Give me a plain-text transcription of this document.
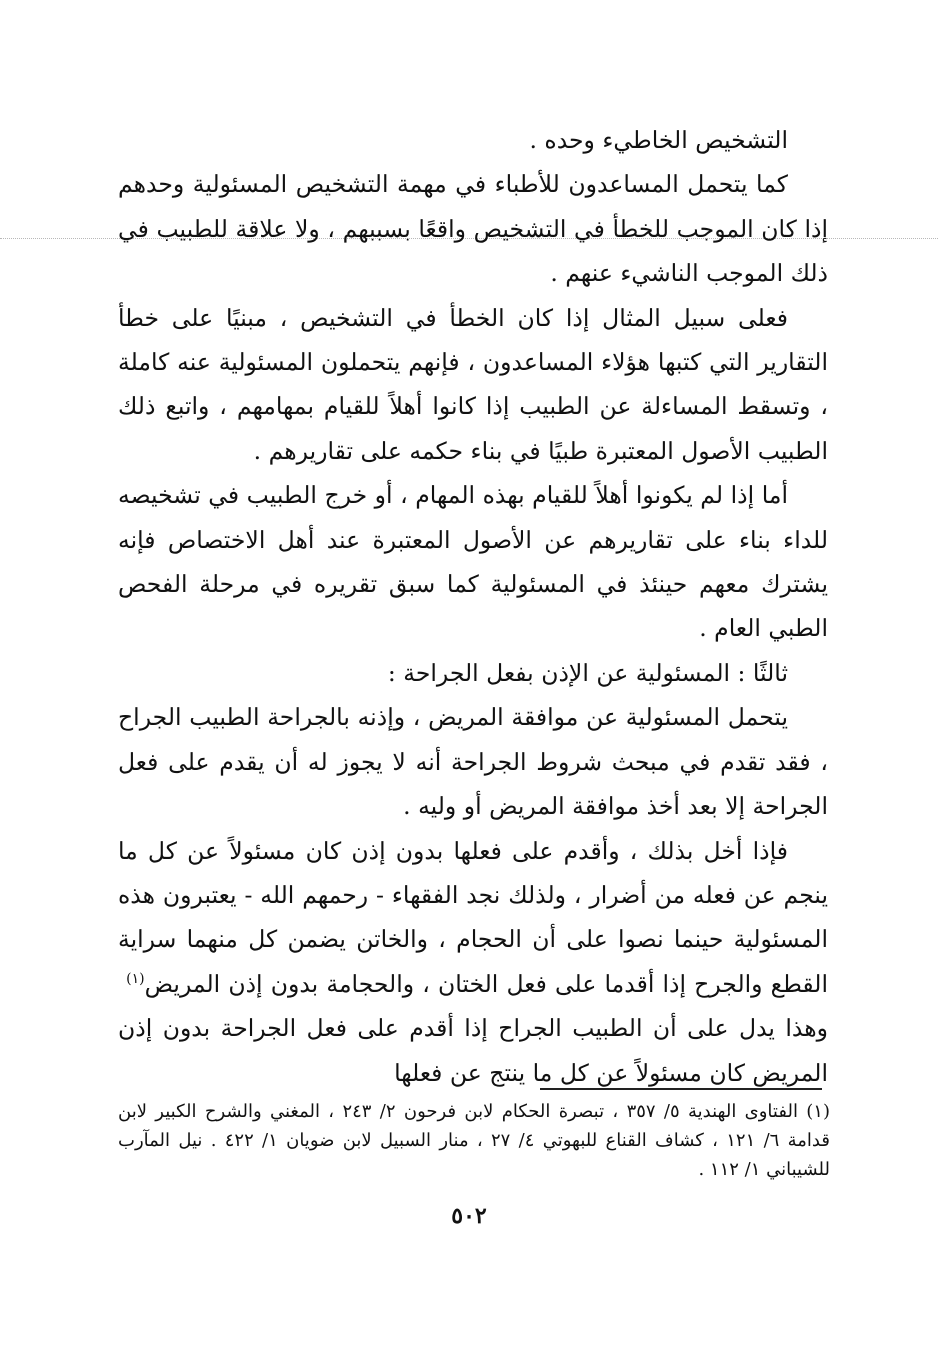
التشخيص الخاطيء وحده .

كما يتحمل المساعدون للأطباء في مهمة التشخيص المسئولية وحدهم إذا كان الموجب للخطأ في التشخيص واقعًا بسببهم ، ولا علاقة للطبيب في ذلك الموجب الناشيء عنهم .

فعلى سبيل المثال إذا كان الخطأ في التشخيص ، مبنيًا على خطأ التقارير التي كتبها هؤلاء المساعدون ، فإنهم يتحملون المسئولية عنه كاملة ، وتسقط المساءلة عن الطبيب إذا كانوا أهلاً للقيام بمهامهم ، واتبع ذلك الطبيب الأصول المعتبرة طبيًا في بناء حكمه على تقاريرهم .

أما إذا لم يكونوا أهلاً للقيام بهذه المهام ، أو خرج الطبيب في تشخيصه للداء بناء على تقاريرهم عن الأصول المعتبرة عند أهل الاختصاص فإنه يشترك معهم حينئذ في المسئولية كما سبق تقريره في مرحلة الفحص الطبي العام .

ثالثًا : المسئولية عن الإذن بفعل الجراحة :

يتحمل المسئولية عن موافقة المريض ، وإذنه بالجراحة الطبيب الجراح ، فقد تقدم في مبحث شروط الجراحة أنه لا يجوز له أن يقدم على فعل الجراحة إلا بعد أخذ موافقة المريض أو وليه .

فإذا أخل بذلك ، وأقدم على فعلها بدون إذن كان مسئولاً عن كل ما ينجم عن فعله من أضرار ، ولذلك نجد الفقهاء - رحمهم الله - يعتبرون هذه المسئولية حينما نصوا على أن الحجام ، والخاتن يضمن كل منهما سراية القطع والجرح إذا أقدما على فعل الختان ، والحجامة بدون إذن المريض$^{(١)}$  وهذا يدل على أن الطبيب الجراح إذا أقدم على فعل الجراحة بدون إذن المريض كان مسئولاً عن كل ما ينتج عن فعلها

(١) الفتاوى الهندية ٥/ ٣٥٧ ، تبصرة الحكام لابن فرحون ٢/ ٢٤٣ ، المغني والشرح الكبير لابن قدامة ٦/ ١٢١ ، كشاف القناع للبهوتي ٤/ ٢٧ ، منار السبيل لابن ضويان ١/ ٤٢٢ . نيل المآرب للشيباني ١/ ١١٢ .

٥٠٢
